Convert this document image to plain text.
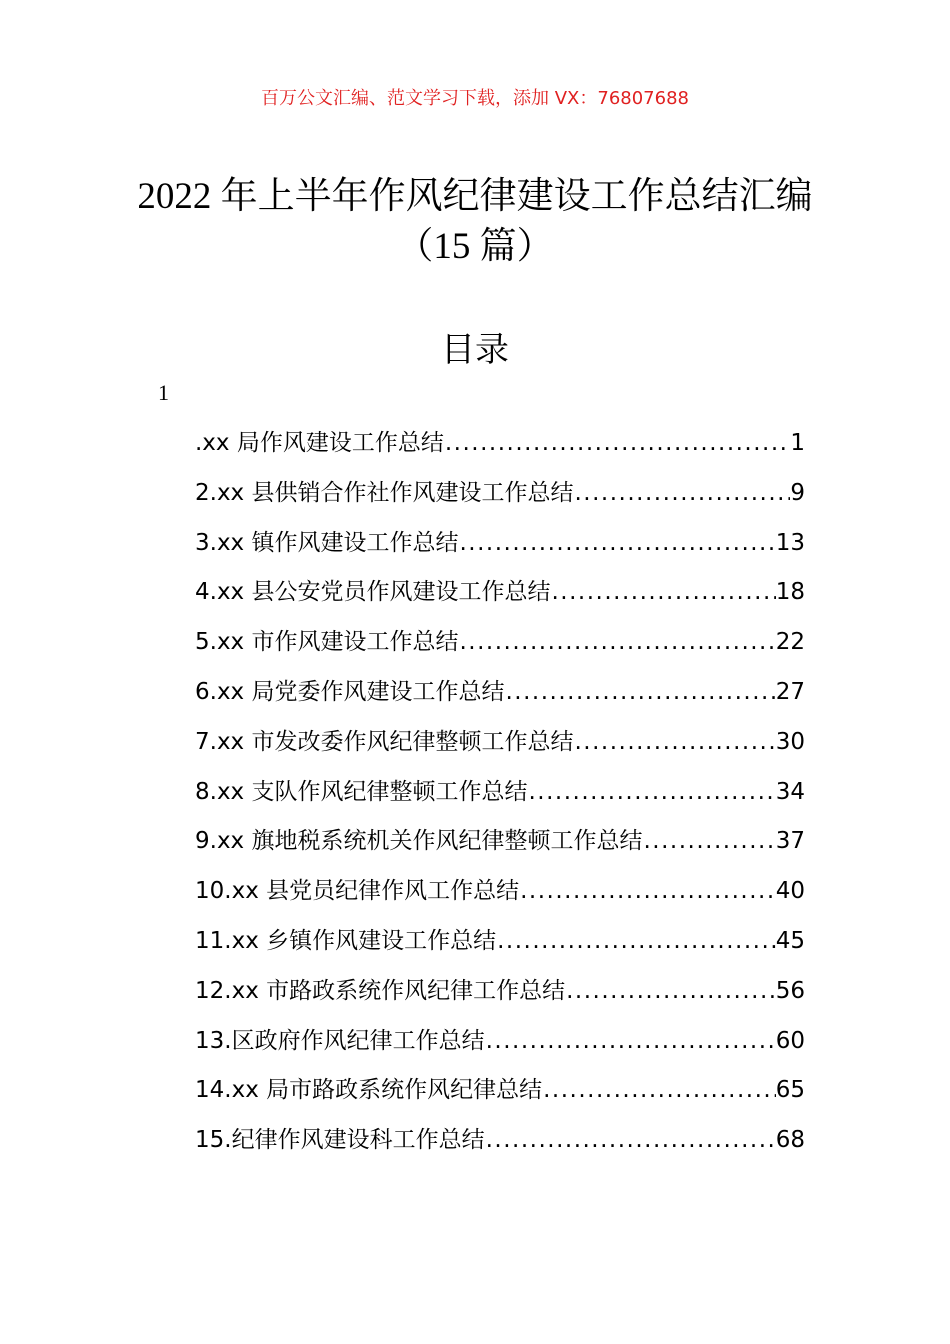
百万公文汇编、范文学习下载，添加 VX：76807688
2022 年上半年作风纪律建设工作总结汇编
（15 篇）
目录
1
.xx 局作风建设工作总结 .....	1
2.xx 县供销合作社作风建设工作总结 .....	9
3.xx 镇作风建设工作总结 .....	13
4.xx 县公安党员作风建设工作总结 .....	18
5.xx 市作风建设工作总结 .....	22
6.xx 局党委作风建设工作总结 .....	27
7.xx 市发改委作风纪律整顿工作总结 .....	30
8.xx 支队作风纪律整顿工作总结 .....	34
9.xx 旗地税系统机关作风纪律整顿工作总结 .....	37
10.xx 县党员纪律作风工作总结 .....	40
11.xx 乡镇作风建设工作总结 .....	45
12.xx 市路政系统作风纪律工作总结 .....	56
13.区政府作风纪律工作总结 .....	60
14.xx 局市路政系统作风纪律总结 .....	65
15.纪律作风建设科工作总结 .....	68
